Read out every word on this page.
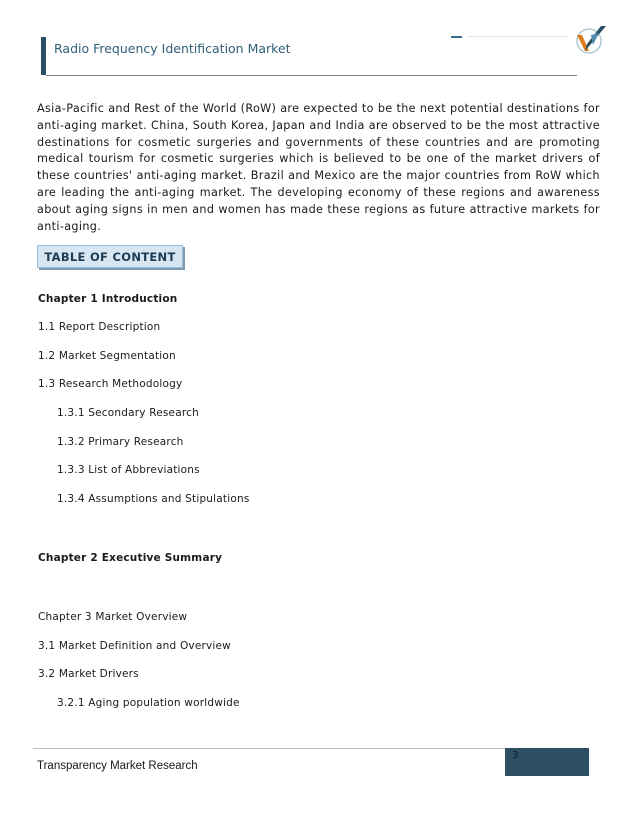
Radio Frequency Identification Market

Asia-Pacific and Rest of the World (RoW) are expected to be the next potential destinations for anti-aging market. China, South Korea, Japan and India are observed to be the most attractive destinations for cosmetic surgeries and governments of these countries and are promoting medical tourism for cosmetic surgeries which is believed to be one of the market drivers of these countries' anti-aging market. Brazil and Mexico are the major countries from RoW which are leading the anti-aging market. The developing economy of these regions and awareness about aging signs in men and women has made these regions as future attractive markets for anti-aging.

TABLE OF CONTENT
Chapter 1 Introduction
1.1 Report Description
1.2 Market Segmentation
1.3 Research Methodology
1.3.1 Secondary Research
1.3.2 Primary Research
1.3.3 List of Abbreviations
1.3.4 Assumptions and Stipulations
Chapter 2 Executive Summary
Chapter 3 Market Overview
3.1 Market Definition and Overview
3.2 Market Drivers
3.2.1 Aging population worldwide
3
Transparency Market Research
